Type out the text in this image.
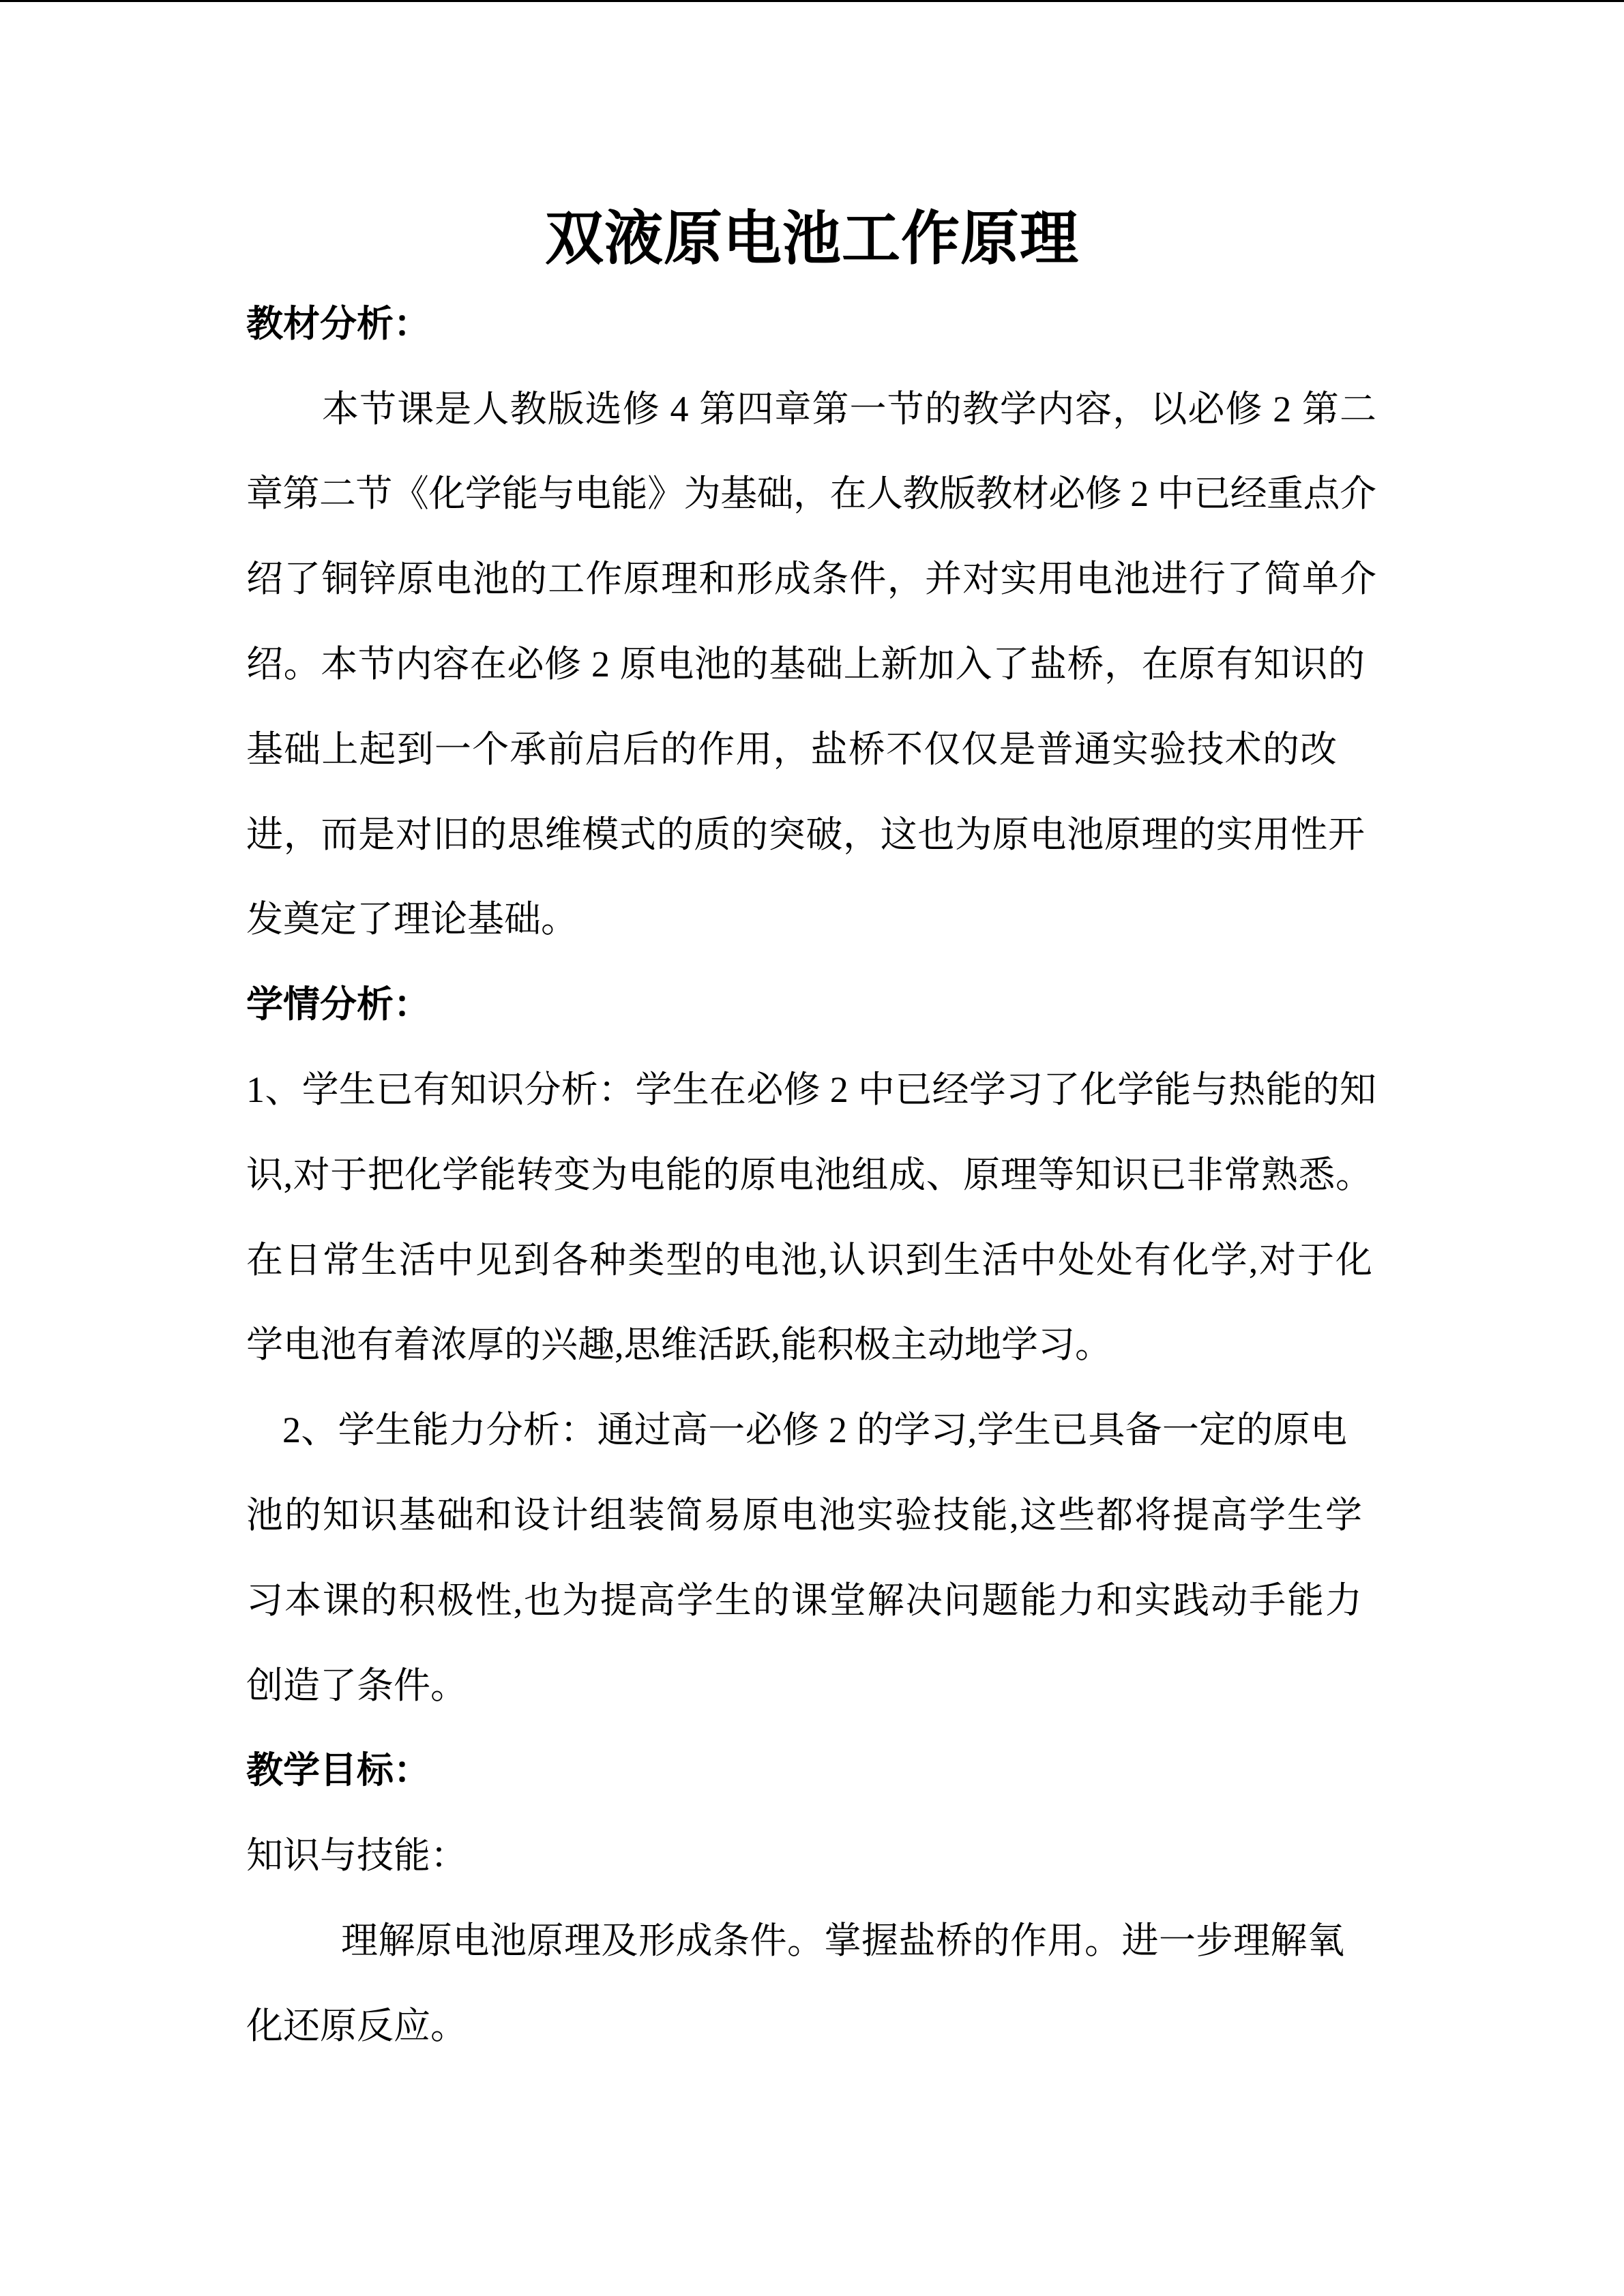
双液原电池工作原理
教材分析：
本节课是人教版选修 4 第四章第一节的教学内容，以必修 2 第二
章第二节《化学能与电能》为基础，在人教版教材必修 2 中已经重点介
绍了铜锌原电池的工作原理和形成条件，并对实用电池进行了简单介
绍。本节内容在必修 2 原电池的基础上新加入了盐桥，在原有知识的
基础上起到一个承前启后的作用，盐桥不仅仅是普通实验技术的改
进，而是对旧的思维模式的质的突破，这也为原电池原理的实用性开
发奠定了理论基础。
学情分析：
1、学生已有知识分析：学生在必修 2 中已经学习了化学能与热能的知
识,对于把化学能转变为电能的原电池组成、原理等知识已非常熟悉。
在日常生活中见到各种类型的电池,认识到生活中处处有化学,对于化
学电池有着浓厚的兴趣,思维活跃,能积极主动地学习。
2、学生能力分析：通过高一必修 2 的学习,学生已具备一定的原电
池的知识基础和设计组装简易原电池实验技能,这些都将提高学生学
习本课的积极性,也为提高学生的课堂解决问题能力和实践动手能力
创造了条件。
教学目标：
知识与技能：
理解原电池原理及形成条件。掌握盐桥的作用。进一步理解氧
化还原反应。
